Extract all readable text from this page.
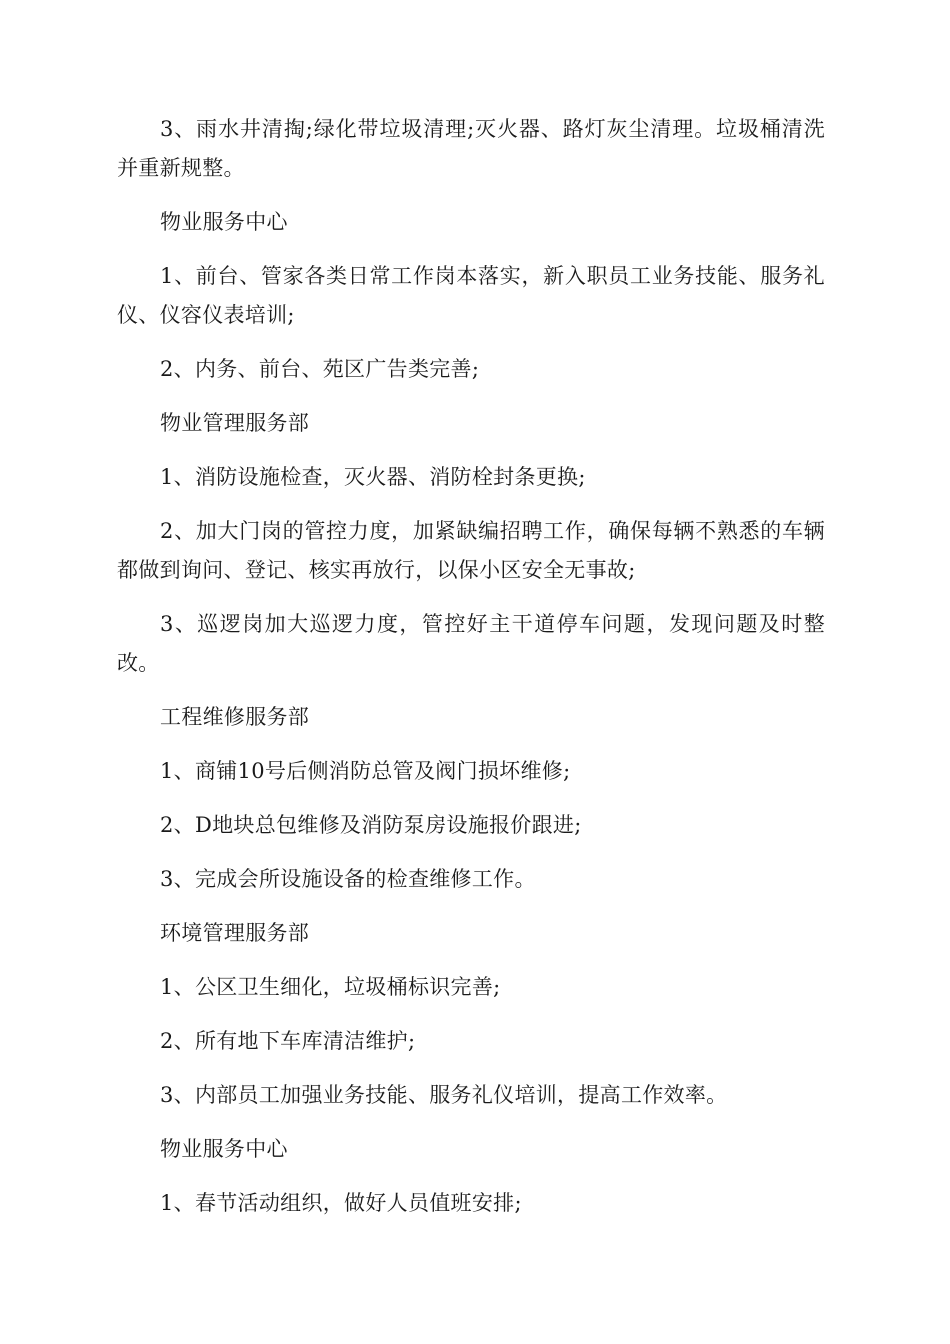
3、雨水井清掏;绿化带垃圾清理;灭火器、路灯灰尘清理。垃圾桶清洗并重新规整。

物业服务中心

1、前台、管家各类日常工作岗本落实，新入职员工业务技能、服务礼仪、仪容仪表培训;

2、内务、前台、苑区广告类完善;

物业管理服务部

1、消防设施检查，灭火器、消防栓封条更换;

2、加大门岗的管控力度，加紧缺编招聘工作，确保每辆不熟悉的车辆都做到询问、登记、核实再放行，以保小区安全无事故;

3、巡逻岗加大巡逻力度，管控好主干道停车问题，发现问题及时整改。

工程维修服务部

1、商铺10号后侧消防总管及阀门损坏维修;

2、D地块总包维修及消防泵房设施报价跟进;

3、完成会所设施设备的检查维修工作。

环境管理服务部

1、公区卫生细化，垃圾桶标识完善;

2、所有地下车库清洁维护;

3、内部员工加强业务技能、服务礼仪培训，提高工作效率。

物业服务中心

1、春节活动组织，做好人员值班安排;
